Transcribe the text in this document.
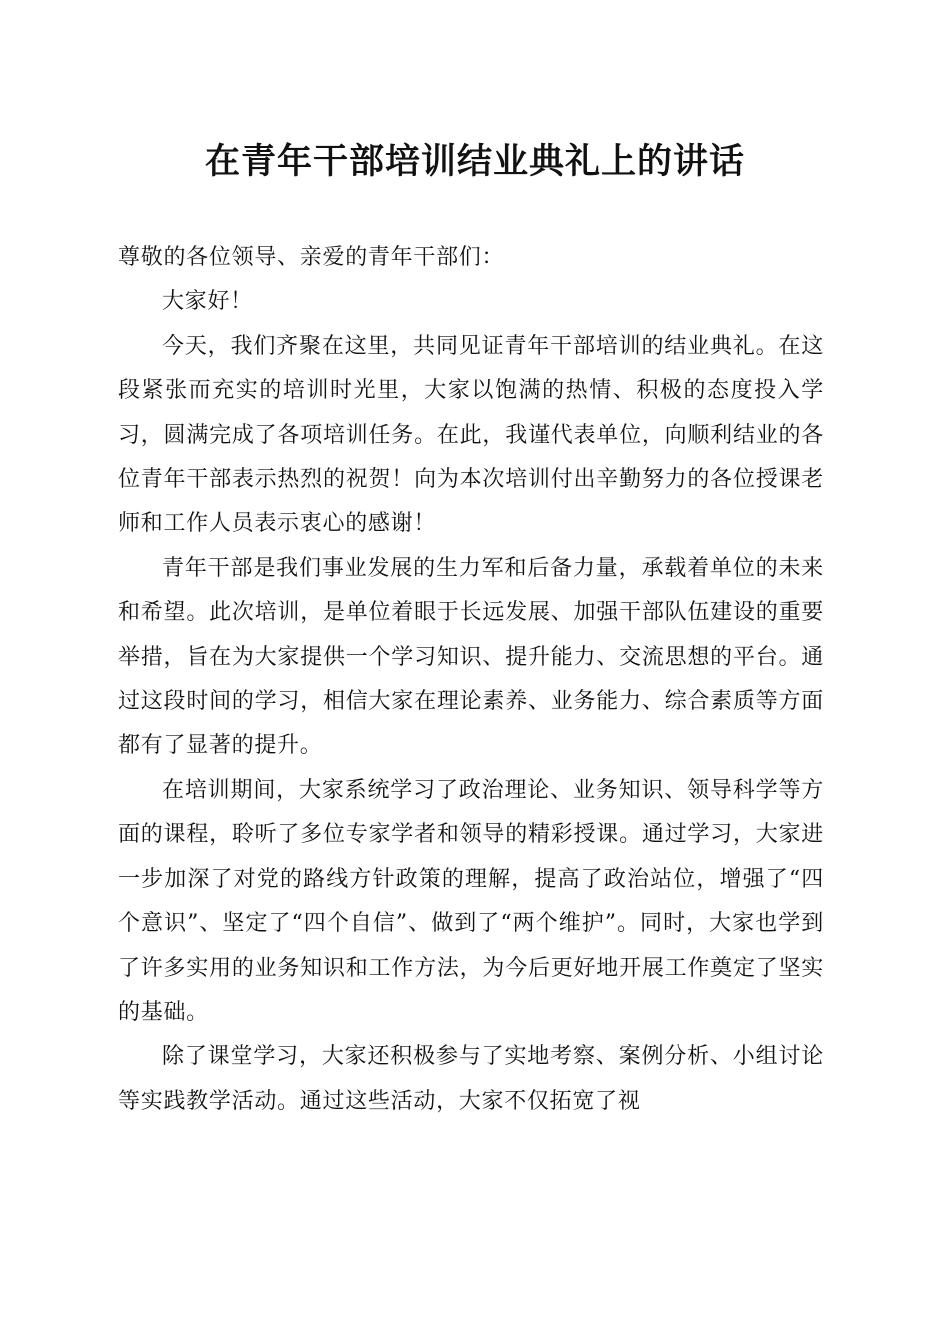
在青年干部培训结业典礼上的讲话

尊敬的各位领导、亲爱的青年干部们：

大家好！

今天，我们齐聚在这里，共同见证青年干部培训的结业典礼。在这段紧张而充实的培训时光里，大家以饱满的热情、积极的态度投入学习，圆满完成了各项培训任务。在此，我谨代表单位，向顺利结业的各位青年干部表示热烈的祝贺！向为本次培训付出辛勤努力的各位授课老师和工作人员表示衷心的感谢！

青年干部是我们事业发展的生力军和后备力量，承载着单位的未来和希望。此次培训，是单位着眼于长远发展、加强干部队伍建设的重要举措，旨在为大家提供一个学习知识、提升能力、交流思想的平台。通过这段时间的学习，相信大家在理论素养、业务能力、综合素质等方面都有了显著的提升。

在培训期间，大家系统学习了政治理论、业务知识、领导科学等方面的课程，聆听了多位专家学者和领导的精彩授课。通过学习，大家进一步加深了对党的路线方针政策的理解，提高了政治站位，增强了“四个意识”、坚定了“四个自信”、做到了“两个维护”。同时，大家也学到了许多实用的业务知识和工作方法，为今后更好地开展工作奠定了坚实的基础。

除了课堂学习，大家还积极参与了实地考察、案例分析、小组讨论等实践教学活动。通过这些活动，大家不仅拓宽了视
